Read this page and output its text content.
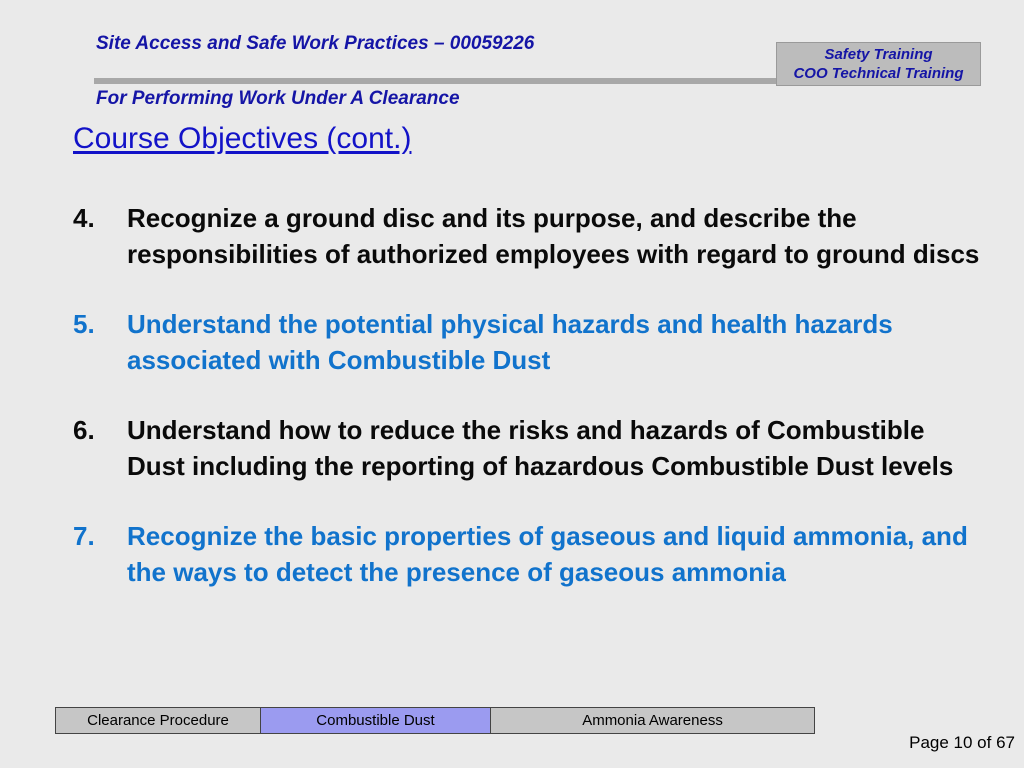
Site Access and Safe Work Practices – 00059226
Safety Training
COO Technical Training
For Performing Work Under A Clearance
Course Objectives (cont.)
4. Recognize a ground disc and its purpose, and describe the responsibilities of authorized employees with regard to ground discs
5. Understand the potential physical hazards and health hazards associated with Combustible Dust
6. Understand how to reduce the risks and hazards of Combustible Dust including the reporting of hazardous Combustible Dust levels
7. Recognize the basic properties of gaseous and liquid ammonia, and the ways to detect the presence of gaseous ammonia
Clearance Procedure	Combustible Dust	Ammonia Awareness
Page 10 of 67
